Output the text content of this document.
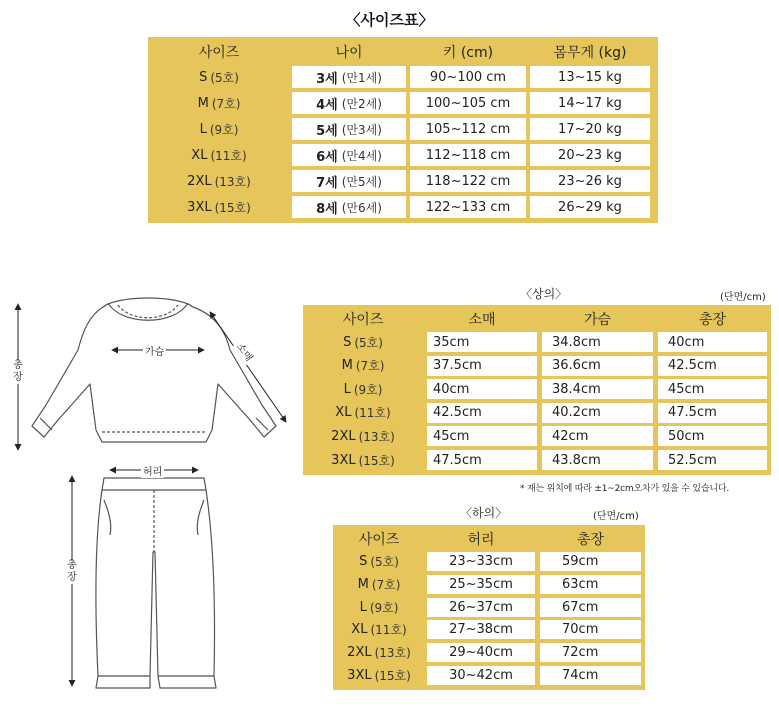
〈사이즈표〉
사이즈	나이	키 (cm)	몸무게 (kg)
S (5호)	3세 (만1세)	90~100 cm	13~15 kg
M (7호)	4세 (만2세)	100~105 cm	14~17 kg
L (9호)	5세 (만3세)	105~112 cm	17~20 kg
XL (11호)	6세 (만4세)	112~118 cm	20~23 kg
2XL (13호)	7세 (만5세)	118~122 cm	23~26 kg
3XL (15호)	8세 (만6세)	122~133 cm	26~29 kg
가슴	소매
총장
허리
총장
〈상의〉	(단면/cm)
사이즈	소매	가슴	총장
S (5호)	35cm	34.8cm	40cm
M (7호)	37.5cm	36.6cm	42.5cm
L (9호)	40cm	38.4cm	45cm
XL (11호)	42.5cm	40.2cm	47.5cm
2XL (13호)	45cm	42cm	50cm
3XL (15호)	47.5cm	43.8cm	52.5cm
* 재는 위치에 따라 ±1~2cm오차가 있을 수 있습니다.
〈하의〉	(단면/cm)
사이즈	허리	총장
S (5호)	23~33cm	59cm
M (7호)	25~35cm	63cm
L (9호)	26~37cm	67cm
XL (11호)	27~38cm	70cm
2XL (13호)	29~40cm	72cm
3XL (15호)	30~42cm	74cm
